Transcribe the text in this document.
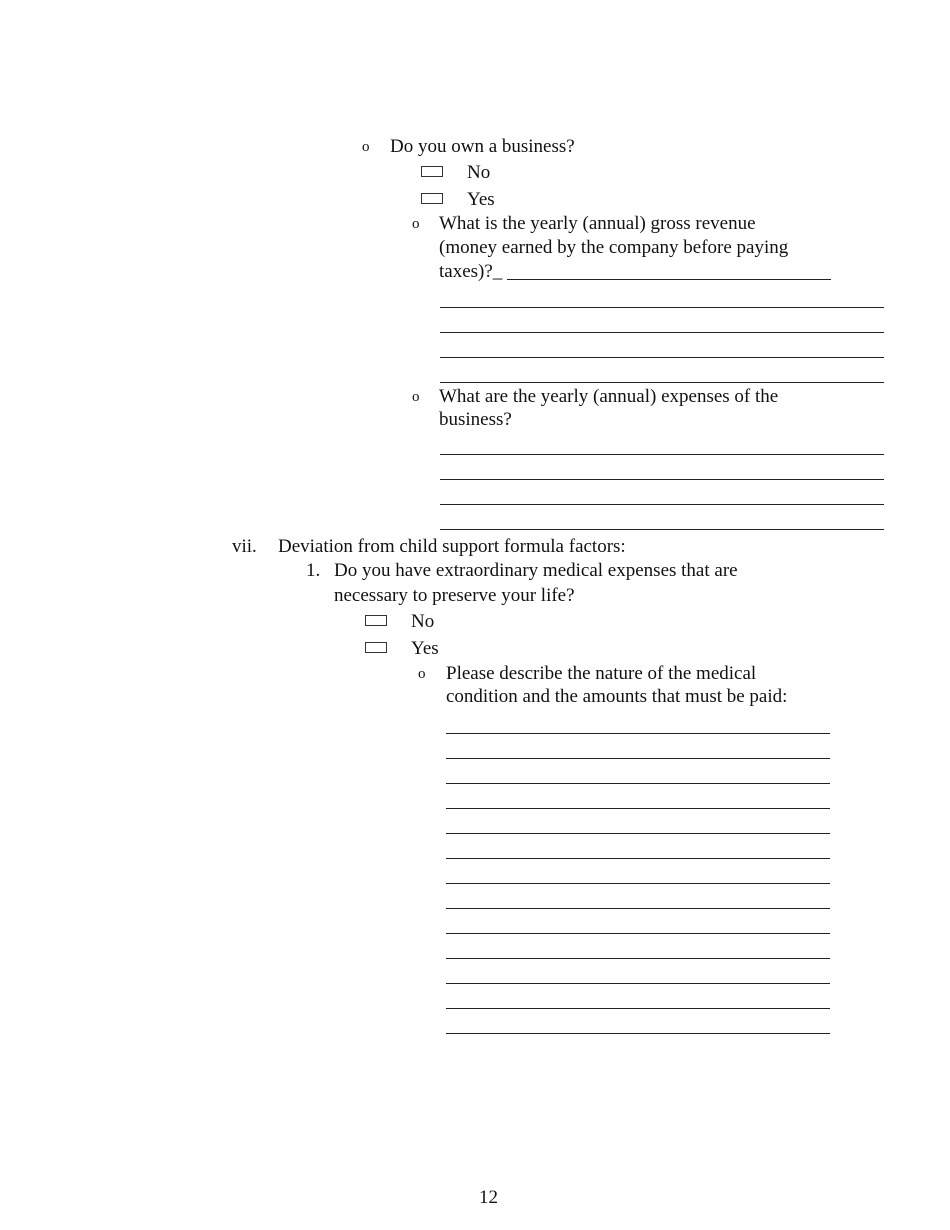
o Do you own a business?
No
Yes
o What is the yearly (annual) gross revenue
(money earned by the company before paying
taxes)?_
o What are the yearly (annual) expenses of the
business?
vii. Deviation from child support formula factors:
1. Do you have extraordinary medical expenses that are
necessary to preserve your life?
No
Yes
o Please describe the nature of the medical
condition and the amounts that must be paid:
12
